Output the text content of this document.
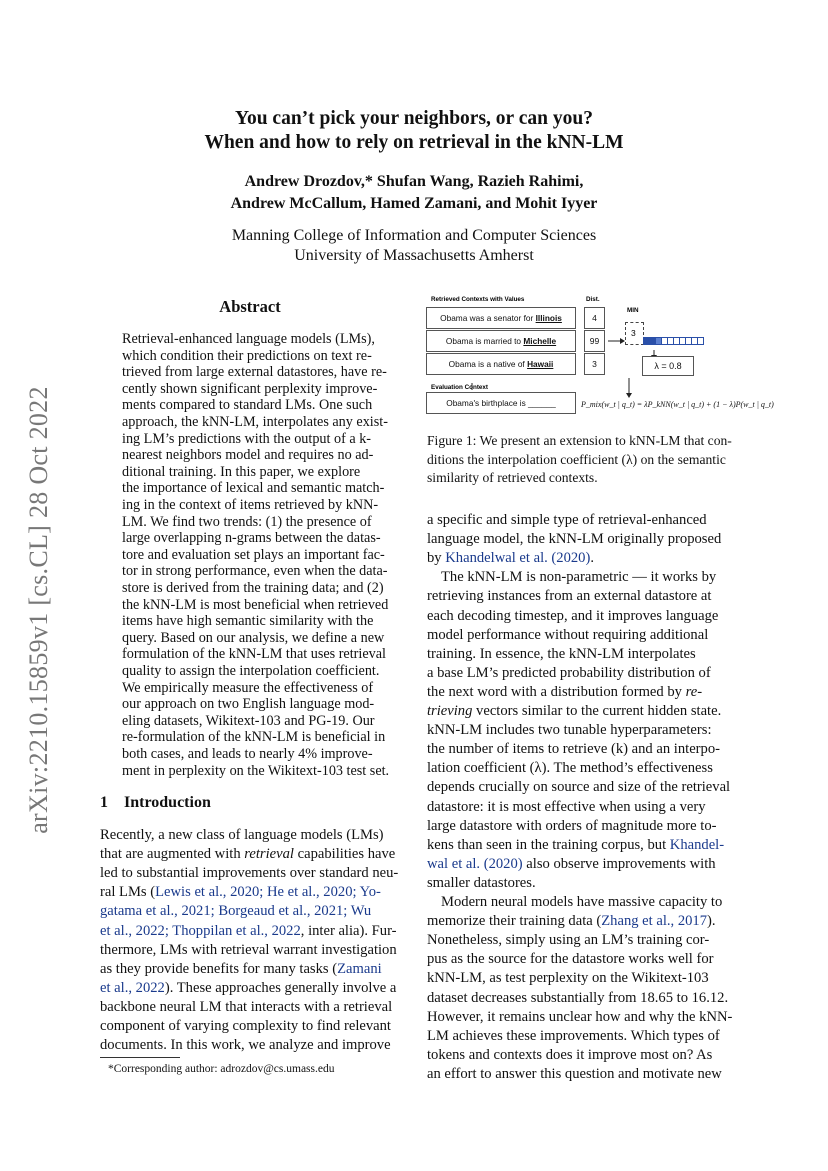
arXiv:2210.15859v1 [cs.CL] 28 Oct 2022
You can’t pick your neighbors, or can you?
When and how to rely on retrieval in the kNN-LM
Andrew Drozdov,* Shufan Wang, Razieh Rahimi,
Andrew McCallum, Hamed Zamani, and Mohit Iyyer
Manning College of Information and Computer Sciences
University of Massachusetts Amherst
Abstract
Retrieval-enhanced language models (LMs),
which condition their predictions on text re-
trieved from large external datastores, have re-
cently shown significant perplexity improve-
ments compared to standard LMs. One such
approach, the kNN-LM, interpolates any exist-
ing LM’s predictions with the output of a k-
nearest neighbors model and requires no ad-
ditional training. In this paper, we explore
the importance of lexical and semantic match-
ing in the context of items retrieved by kNN-
LM. We find two trends: (1) the presence of
large overlapping n-grams between the datas-
tore and evaluation set plays an important fac-
tor in strong performance, even when the data-
store is derived from the training data; and (2)
the kNN-LM is most beneficial when retrieved
items have high semantic similarity with the
query. Based on our analysis, we define a new
formulation of the kNN-LM that uses retrieval
quality to assign the interpolation coefficient.
We empirically measure the effectiveness of
our approach on two English language mod-
eling datasets, Wikitext-103 and PG-19. Our
re-formulation of the kNN-LM is beneficial in
both cases, and leads to nearly 4% improve-
ment in perplexity on the Wikitext-103 test set.
1 Introduction
Recently, a new class of language models (LMs)
that are augmented with retrieval capabilities have
led to substantial improvements over standard neu-
ral LMs (Lewis et al., 2020; He et al., 2020; Yo-
gatama et al., 2021; Borgeaud et al., 2021; Wu
et al., 2022; Thoppilan et al., 2022, inter alia). Fur-
thermore, LMs with retrieval warrant investigation
as they provide benefits for many tasks (Zamani
et al., 2022). These approaches generally involve a
backbone neural LM that interacts with a retrieval
component of varying complexity to find relevant
documents. In this work, we analyze and improve
*Corresponding author: adrozdov@cs.umass.edu
Retrieved Contexts with Values	Dist.
MIN
Obama was a senator for
Illinois
Obama is married to
Michelle
Obama is a native of
Hawaii
4
99
3
3
λ = 0.8
Evaluation Context
Obama's birthplace is ______	P_mix(w_t | q_t) = λP_kNN(w_t | q_t) + (1 − λ)P(w_t | q_t)
Figure 1: We present an extension to kNN-LM that con-
ditions the interpolation coefficient (λ) on the semantic
similarity of retrieved contexts.
a specific and simple type of retrieval-enhanced
language model, the kNN-LM originally proposed
by Khandelwal et al. (2020).
The kNN-LM is non-parametric — it works by
retrieving instances from an external datastore at
each decoding timestep, and it improves language
model performance without requiring additional
training. In essence, the kNN-LM interpolates
a base LM’s predicted probability distribution of
the next word with a distribution formed by re-
trieving vectors similar to the current hidden state.
kNN-LM includes two tunable hyperparameters:
the number of items to retrieve (k) and an interpo-
lation coefficient (λ). The method’s effectiveness
depends crucially on source and size of the retrieval
datastore: it is most effective when using a very
large datastore with orders of magnitude more to-
kens than seen in the training corpus, but Khandel-
wal et al. (2020) also observe improvements with
smaller datastores.
Modern neural models have massive capacity to
memorize their training data (Zhang et al., 2017).
Nonetheless, simply using an LM’s training cor-
pus as the source for the datastore works well for
kNN-LM, as test perplexity on the Wikitext-103
dataset decreases substantially from 18.65 to 16.12.
However, it remains unclear how and why the kNN-
LM achieves these improvements. Which types of
tokens and contexts does it improve most on? As
an effort to answer this question and motivate new
